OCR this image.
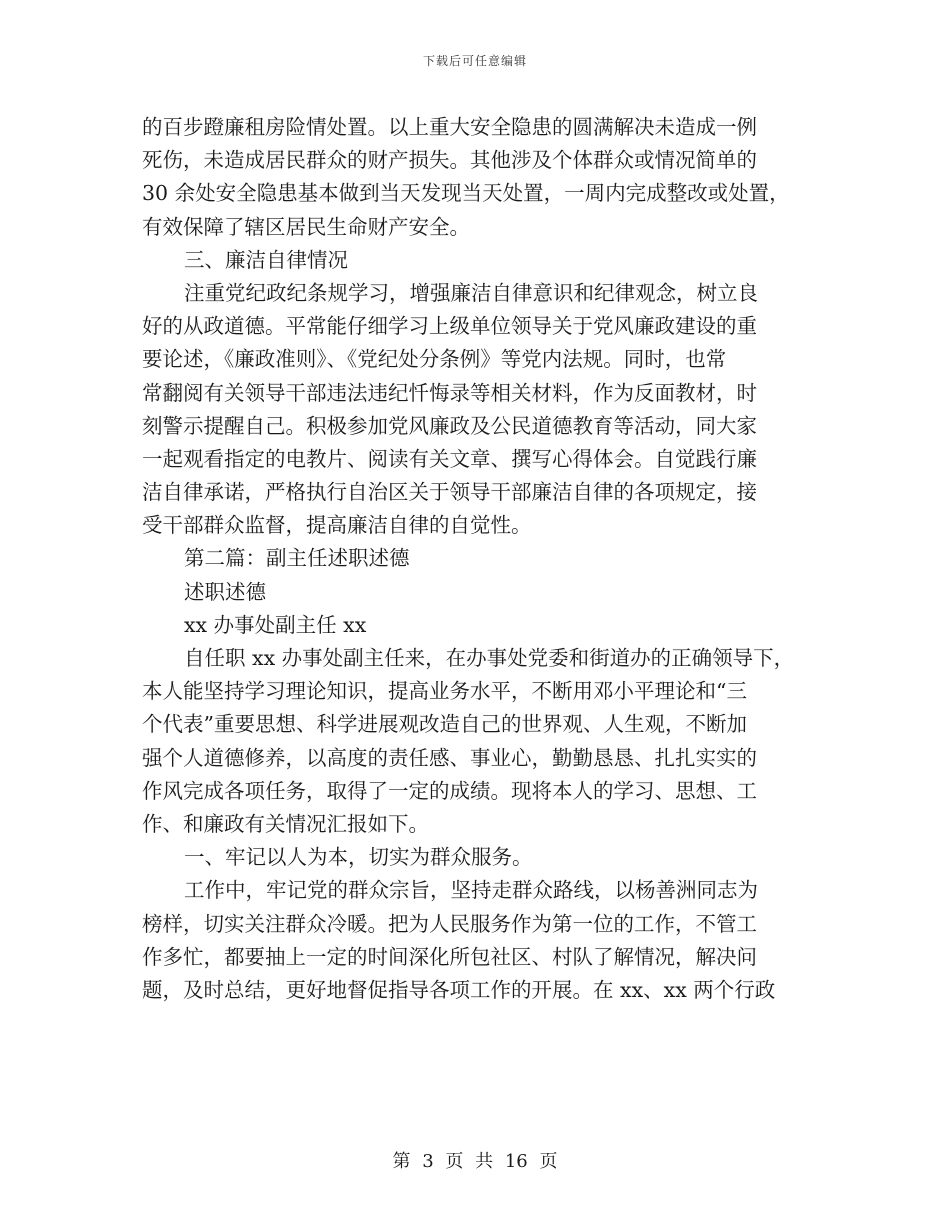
下载后可任意编辑
的百步蹬廉租房险情处置。以上重大安全隐患的圆满解决未造成一例
死伤，未造成居民群众的财产损失。其他涉及个体群众或情况简单的
30 余处安全隐患基本做到当天发现当天处置，一周内完成整改或处置，
有效保障了辖区居民生命财产安全。
三、廉洁自律情况
注重党纪政纪条规学习，增强廉洁自律意识和纪律观念，树立良
好的从政道德。平常能仔细学习上级单位领导关于党风廉政建设的重
要论述，《廉政准则》、《党纪处分条例》等党内法规。同时，也常
常翻阅有关领导干部违法违纪忏悔录等相关材料，作为反面教材，时
刻警示提醒自己。积极参加党风廉政及公民道德教育等活动，同大家
一起观看指定的电教片、阅读有关文章、撰写心得体会。自觉践行廉
洁自律承诺，严格执行自治区关于领导干部廉洁自律的各项规定，接
受干部群众监督，提高廉洁自律的自觉性。
第二篇：副主任述职述德
述职述德
xx 办事处副主任 xx
自任职 xx 办事处副主任来，在办事处党委和街道办的正确领导下，
本人能坚持学习理论知识，提高业务水平，不断用邓小平理论和“三
个代表”重要思想、科学进展观改造自己的世界观、人生观，不断加
强个人道德修养，以高度的责任感、事业心，勤勤恳恳、扎扎实实的
作风完成各项任务，取得了一定的成绩。现将本人的学习、思想、工
作、和廉政有关情况汇报如下。
一、牢记以人为本，切实为群众服务。
工作中，牢记党的群众宗旨，坚持走群众路线，以杨善洲同志为
榜样，切实关注群众冷暖。把为人民服务作为第一位的工作，不管工
作多忙，都要抽上一定的时间深化所包社区、村队了解情况，解决问
题，及时总结，更好地督促指导各项工作的开展。在 xx、xx 两个行政
第 3 页 共 16 页
